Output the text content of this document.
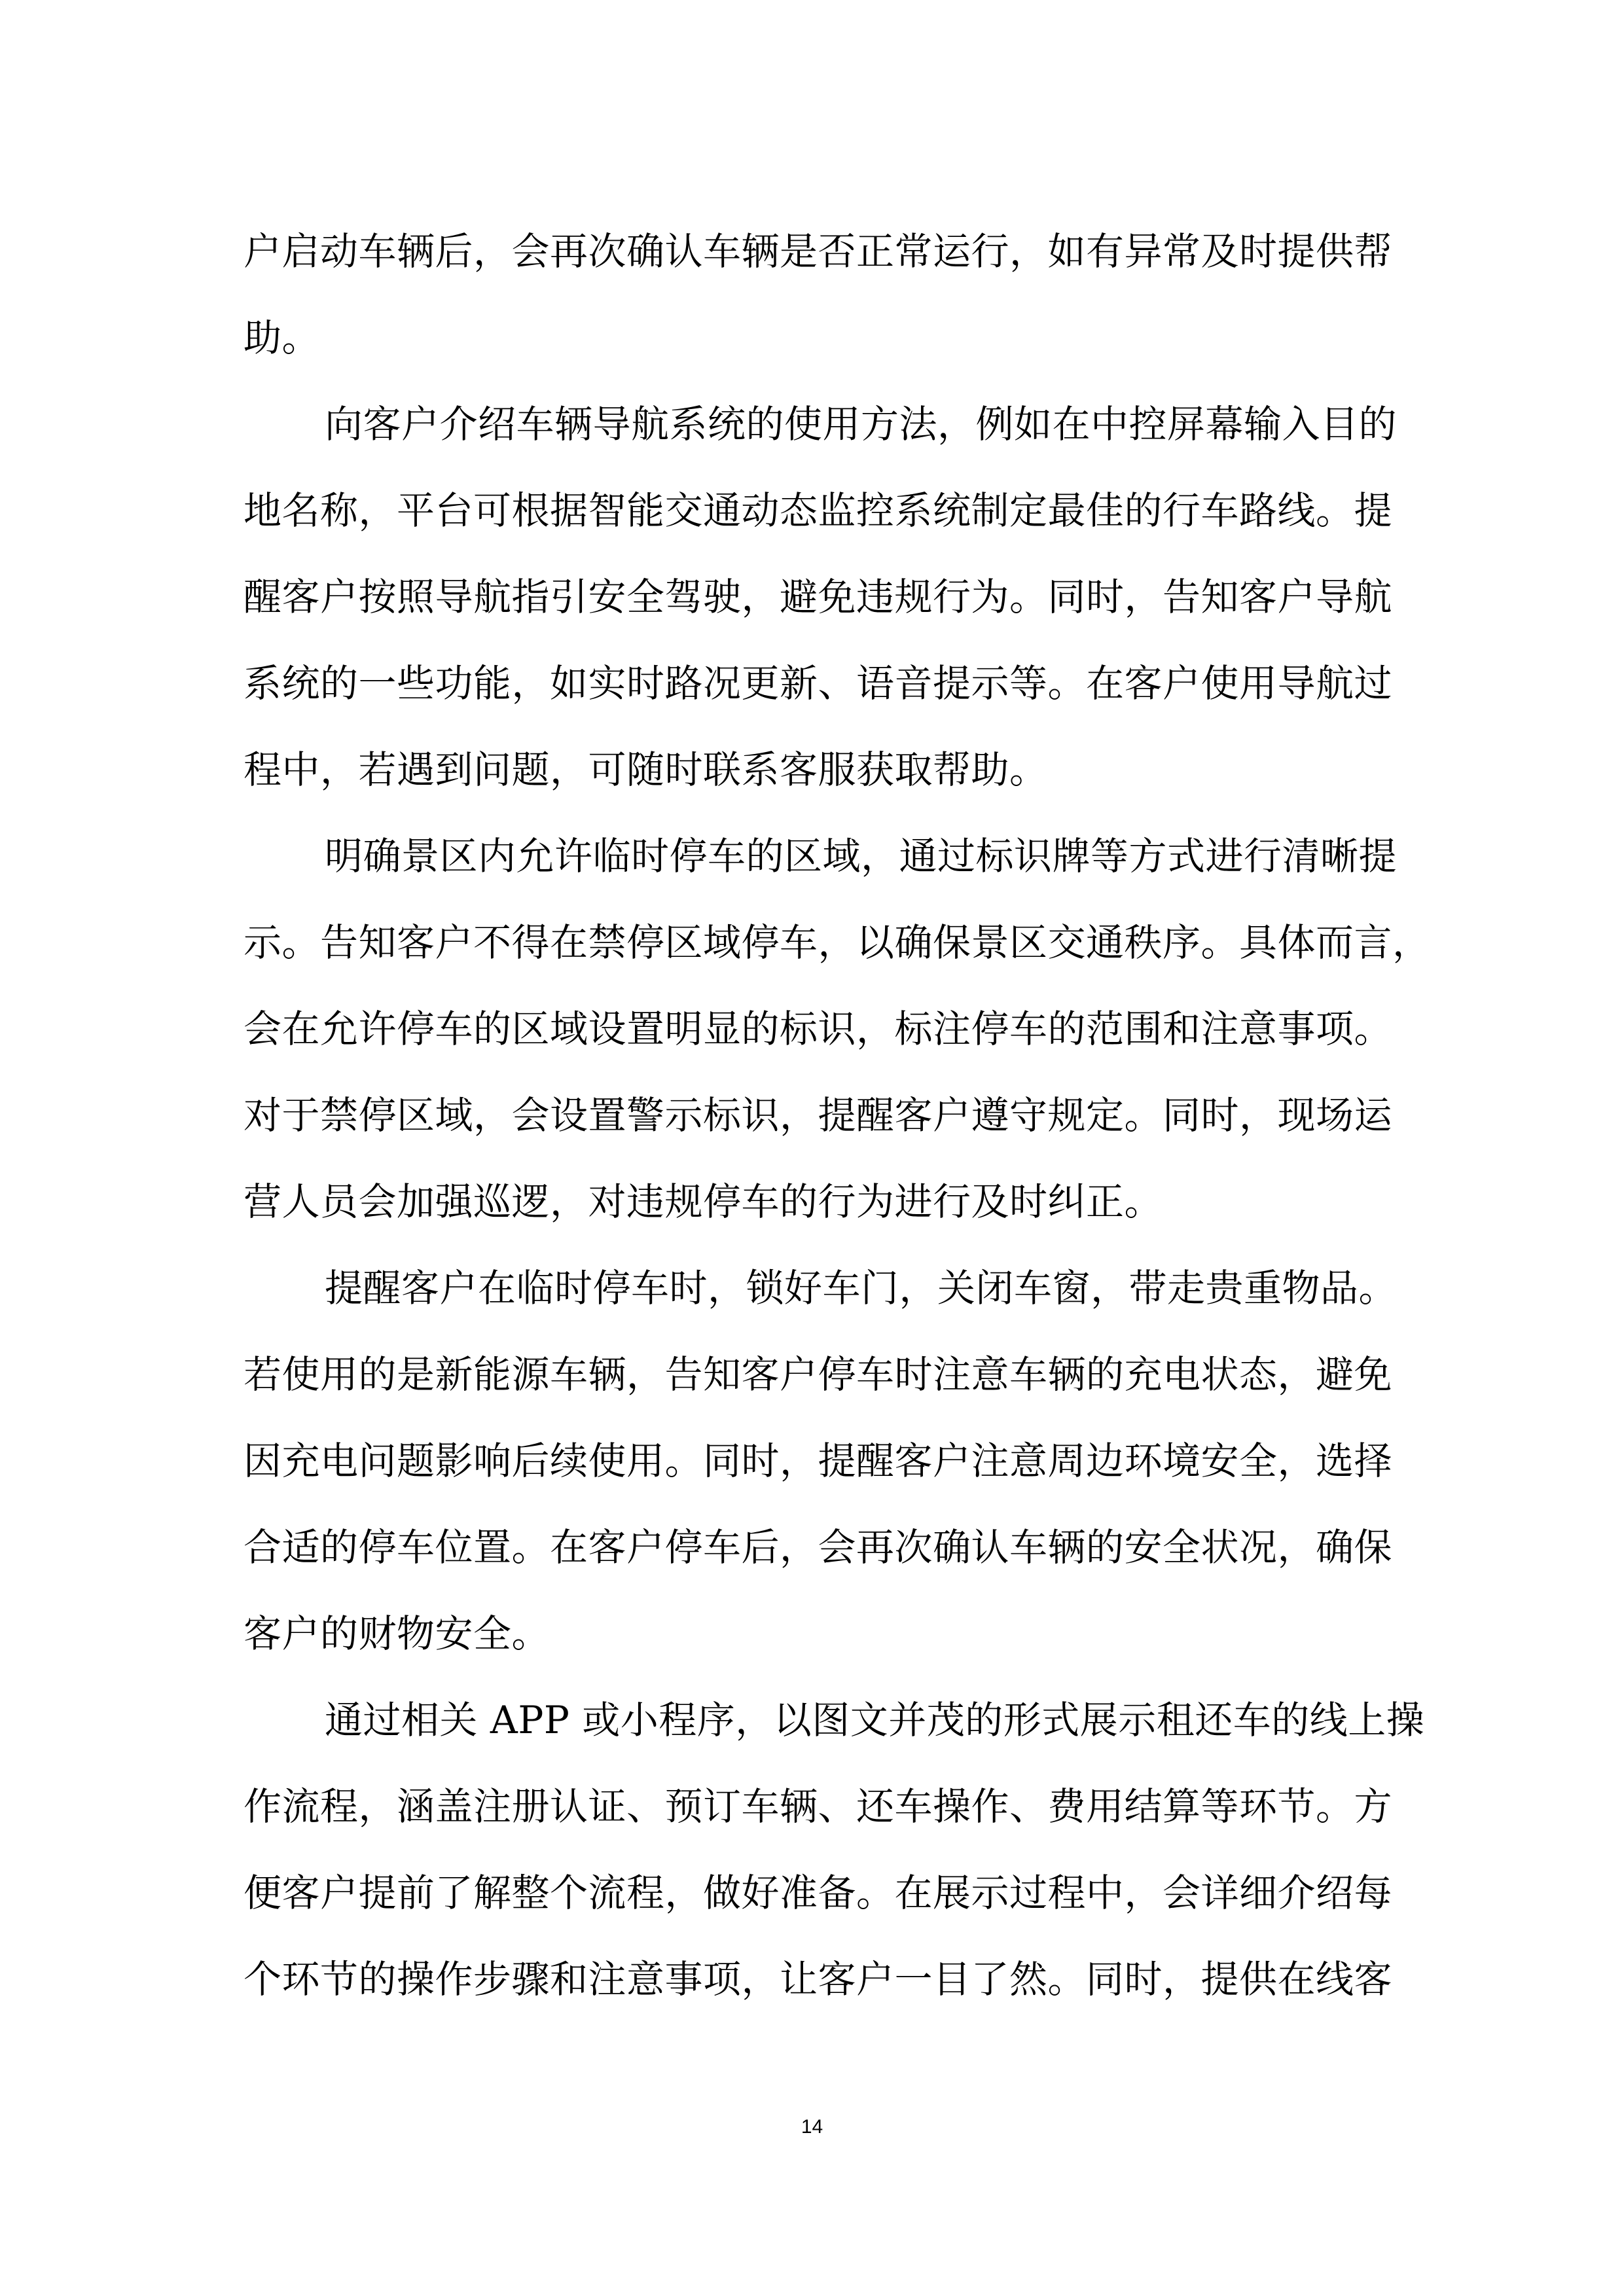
户启动车辆后，会再次确认车辆是否正常运行，如有异常及时提供帮
助。
向客户介绍车辆导航系统的使用方法，例如在中控屏幕输入目的
地名称，平台可根据智能交通动态监控系统制定最佳的行车路线。提
醒客户按照导航指引安全驾驶，避免违规行为。同时，告知客户导航
系统的一些功能，如实时路况更新、语音提示等。在客户使用导航过
程中，若遇到问题，可随时联系客服获取帮助。
明确景区内允许临时停车的区域，通过标识牌等方式进行清晰提
示。告知客户不得在禁停区域停车，以确保景区交通秩序。具体而言，
会在允许停车的区域设置明显的标识，标注停车的范围和注意事项。
对于禁停区域，会设置警示标识，提醒客户遵守规定。同时，现场运
营人员会加强巡逻，对违规停车的行为进行及时纠正。
提醒客户在临时停车时，锁好车门，关闭车窗，带走贵重物品。
若使用的是新能源车辆，告知客户停车时注意车辆的充电状态，避免
因充电问题影响后续使用。同时，提醒客户注意周边环境安全，选择
合适的停车位置。在客户停车后，会再次确认车辆的安全状况，确保
客户的财物安全。
通过相关 APP 或小程序，以图文并茂的形式展示租还车的线上操
作流程，涵盖注册认证、预订车辆、还车操作、费用结算等环节。方
便客户提前了解整个流程，做好准备。在展示过程中，会详细介绍每
个环节的操作步骤和注意事项，让客户一目了然。同时，提供在线客
14
